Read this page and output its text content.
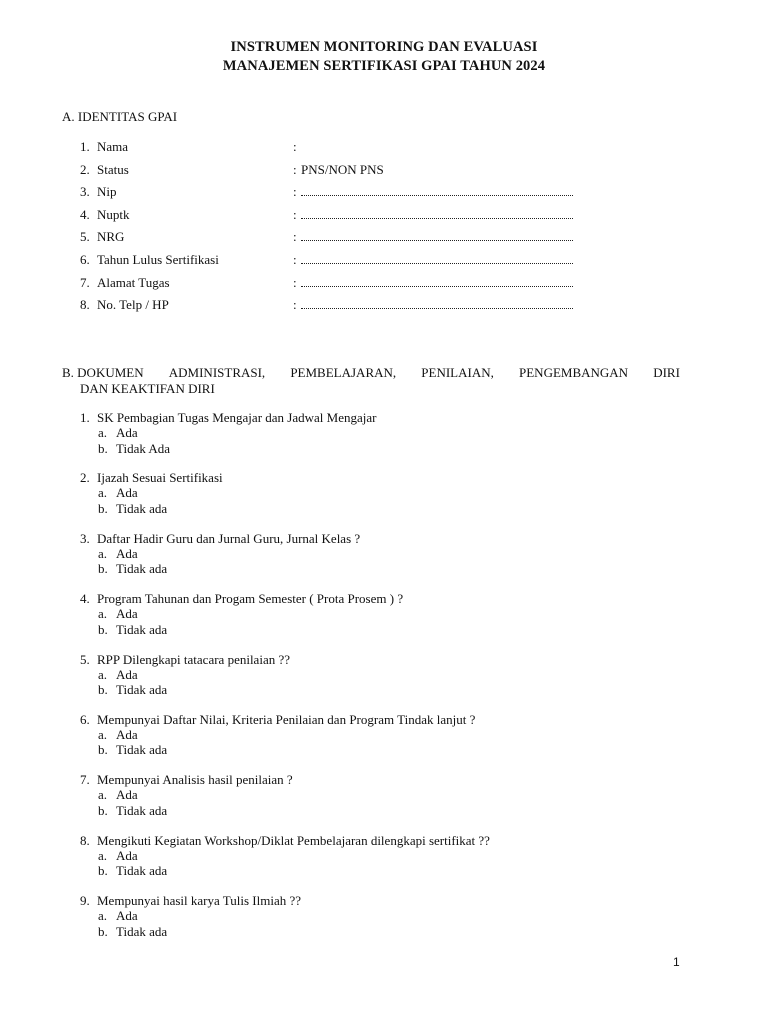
INSTRUMEN MONITORING DAN EVALUASI
MANAJEMEN SERTIFIKASI GPAI TAHUN 2024
A. IDENTITAS GPAI
1. Nama	:
2. Status	: PNS/NON PNS
3. Nip	:
4. Nuptk	:
5. NRG	:
6. Tahun Lulus Sertifikasi	:
7. Alamat Tugas	:
8. No. Telp / HP	:
B. DOKUMEN ADMINISTRASI, PEMBELAJARAN, PENILAIAN, PENGEMBANGAN DIRI
DAN KEAKTIFAN DIRI
1. SK Pembagian Tugas Mengajar dan Jadwal Mengajar
a. Ada
b. Tidak Ada
2. Ijazah Sesuai Sertifikasi
a. Ada
b. Tidak ada
3. Daftar Hadir Guru dan Jurnal Guru, Jurnal Kelas ?
a. Ada
b. Tidak ada
4. Program Tahunan dan Progam Semester ( Prota Prosem ) ?
a. Ada
b. Tidak ada
5. RPP Dilengkapi tatacara penilaian ??
a. Ada
b. Tidak ada
6. Mempunyai Daftar Nilai, Kriteria Penilaian dan Program Tindak lanjut ?
a. Ada
b. Tidak ada
7. Mempunyai Analisis hasil penilaian ?
a. Ada
b. Tidak ada
8. Mengikuti Kegiatan Workshop/Diklat Pembelajaran dilengkapi sertifikat ??
a. Ada
b. Tidak ada
9. Mempunyai hasil karya Tulis Ilmiah ??
a. Ada
b. Tidak ada
1
